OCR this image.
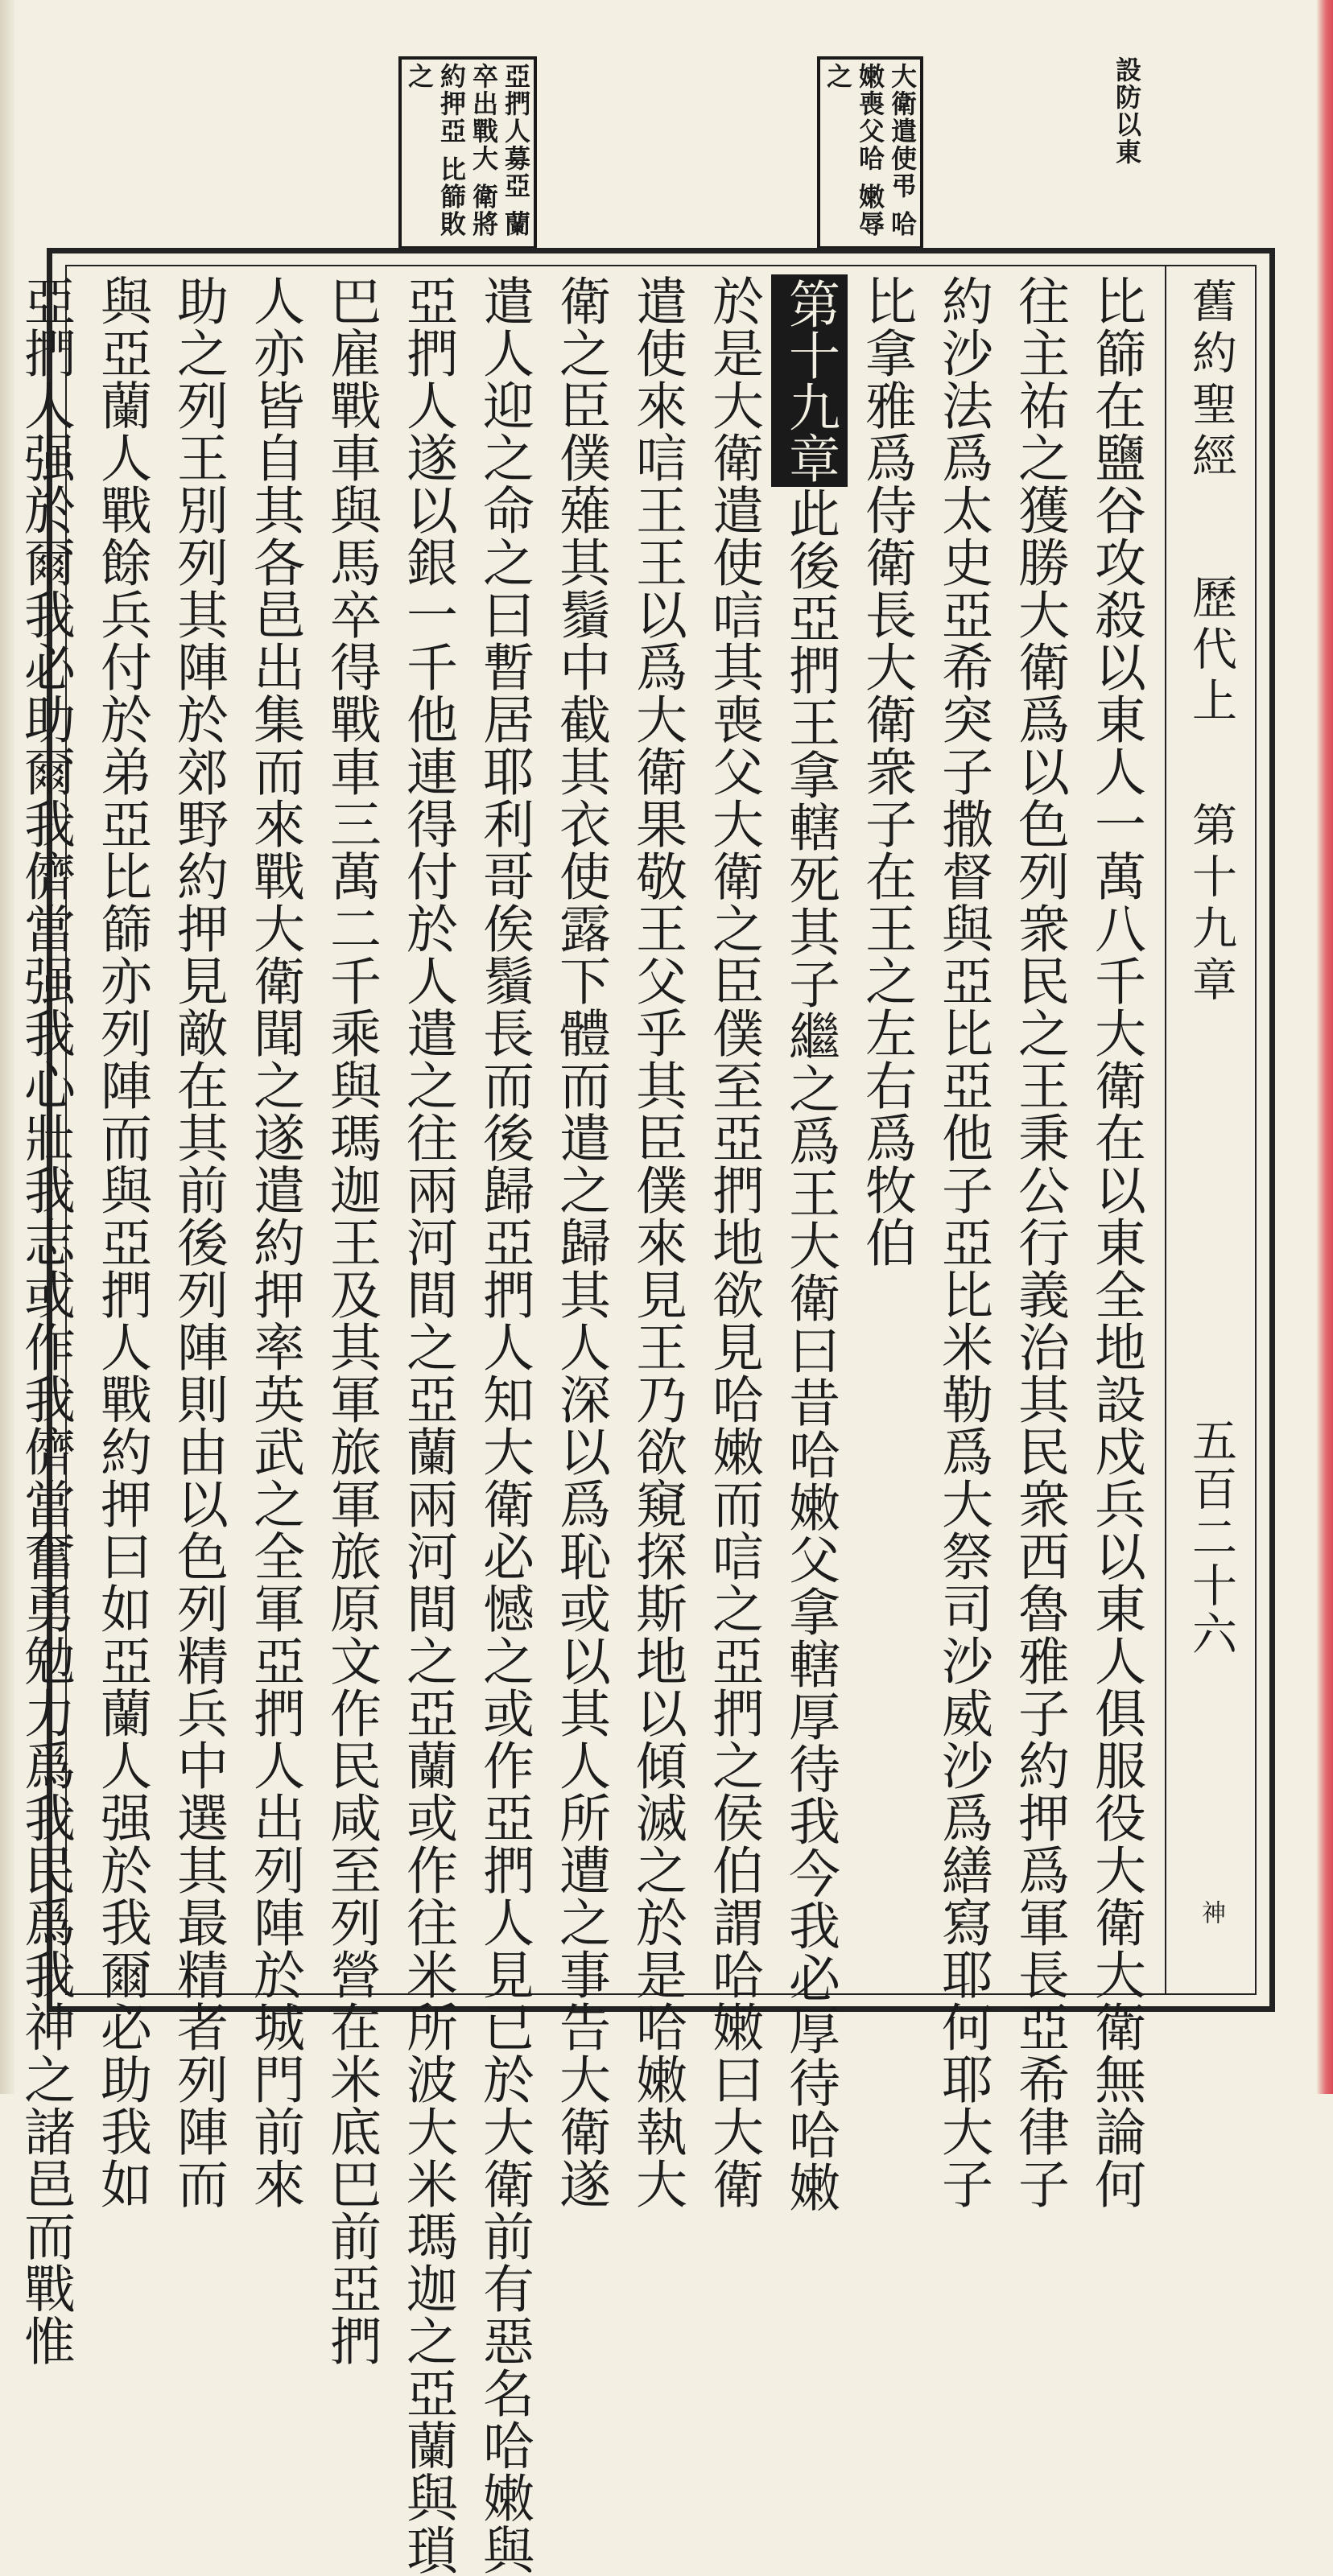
設防以東
大衛遣使弔 哈嫩喪父哈 嫩辱之
亞捫人募亞 蘭卒出戰大 衛將約押亞 比篩敗之
舊約聖經  歷代上  第十九章
五百二十六
神
比篩在鹽谷攻殺以東人一萬八千大衛在以東全地設戍兵以東人俱服役大衛大衛無論何
往主祐之獲勝大衛爲以色列衆民之王秉公行義治其民衆西魯雅子約押爲軍長亞希律子
約沙法爲太史亞希突子撒督與亞比亞他子亞比米勒爲大祭司沙威沙爲繕寫耶何耶大子
比拿雅爲侍衛長大衛衆子在王之左右爲牧伯
第十九章此後亞捫王拿轄死其子繼之爲王大衛曰昔哈嫩父拿轄厚待我今我必厚待哈嫩
於是大衛遣使唁其喪父大衛之臣僕至亞捫地欲見哈嫩而唁之亞捫之侯伯謂哈嫩曰大衛
遣使來唁王王以爲大衛果敬王父乎其臣僕來見王乃欲窺探斯地以傾滅之於是哈嫩執大
衛之臣僕薙其鬚中截其衣使露下體而遣之歸其人深以爲恥或以其人所遭之事告大衛遂
遣人迎之命之曰暫居耶利哥俟鬚長而後歸亞捫人知大衛必憾之或作亞捫人見已於大衛前有惡名哈嫩與
亞捫人遂以銀一千他連得付於人遣之往兩河間之亞蘭兩河間之亞蘭或作往米所波大米瑪迦之亞蘭與瑣
巴雇戰車與馬卒得戰車三萬二千乘與瑪迦王及其軍旅軍旅原文作民咸至列營在米底巴前亞捫
人亦皆自其各邑出集而來戰大衛聞之遂遣約押率英武之全軍亞捫人出列陣於城門前來
助之列王別列其陣於郊野約押見敵在其前後列陣則由以色列精兵中選其最精者列陣而
與亞蘭人戰餘兵付於弟亞比篩亦列陣而與亞捫人戰約押曰如亞蘭人强於我爾必助我如
亞捫人强於爾我必助爾我儕當强我心壯我志或作我儕當奮勇勉力爲我民爲我神之諸邑而戰惟
